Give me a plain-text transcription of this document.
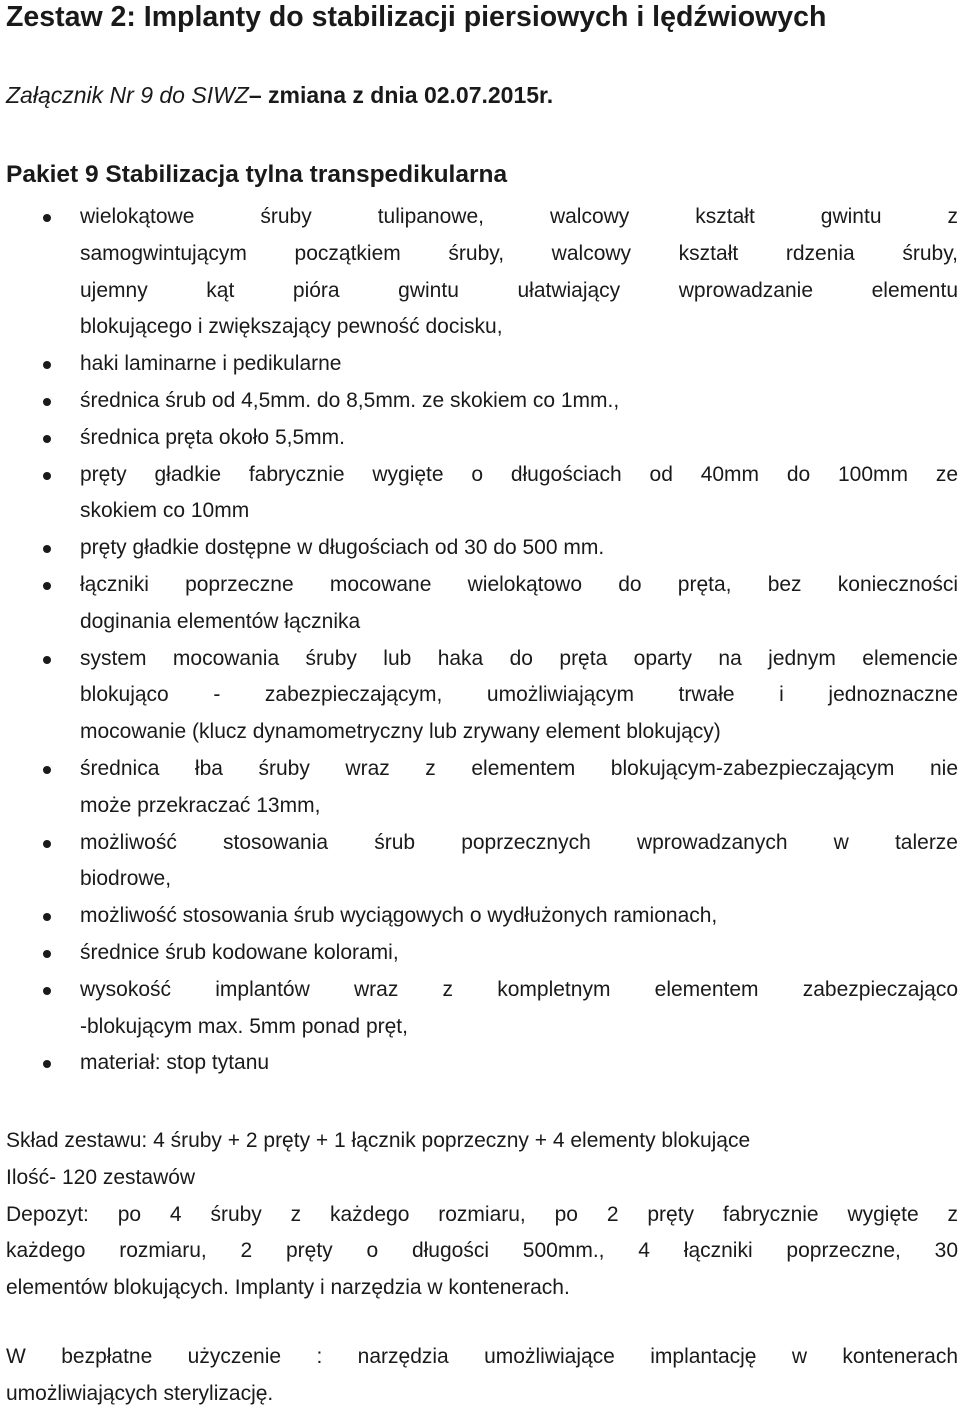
Zestaw 2: Implanty do stabilizacji piersiowych i lędźwiowych

Załącznik Nr 9 do SIWZ– zmiana z dnia 02.07.2015r.

Pakiet 9 Stabilizacja tylna transpedikularna
wielokątowe śruby tulipanowe, walcowy kształt gwintu z
samogwintującym początkiem śruby, walcowy kształt rdzenia śruby,
ujemny kąt pióra gwintu ułatwiający wprowadzanie elementu
blokującego i zwiększający pewność docisku,
haki laminarne i pedikularne
średnica śrub od 4,5mm. do 8,5mm. ze skokiem co 1mm.,
średnica pręta około 5,5mm.
pręty gładkie fabrycznie wygięte o długościach od 40mm do 100mm ze
skokiem co 10mm
pręty gładkie dostępne w długościach od 30 do 500 mm.
łączniki poprzeczne mocowane wielokątowo do pręta, bez konieczności
doginania elementów łącznika
system mocowania śruby lub haka do pręta oparty na jednym elemencie
blokująco - zabezpieczającym, umożliwiającym trwałe i jednoznaczne
mocowanie (klucz dynamometryczny lub zrywany element blokujący)
średnica łba śruby wraz z elementem blokującym-zabezpieczającym nie
może przekraczać 13mm,
możliwość stosowania śrub poprzecznych wprowadzanych w talerze
biodrowe,
możliwość stosowania śrub wyciągowych o wydłużonych ramionach,
średnice śrub kodowane kolorami,
wysokość implantów wraz z kompletnym elementem zabezpieczająco
-blokującym max. 5mm ponad pręt,
materiał: stop tytanu

Skład zestawu: 4 śruby + 2 pręty + 1 łącznik poprzeczny + 4 elementy blokujące

Ilość- 120 zestawów

Depozyt: po 4 śruby z każdego rozmiaru, po 2 pręty fabrycznie wygięte z
każdego rozmiaru, 2 pręty o długości 500mm., 4 łączniki poprzeczne, 30
elementów blokujących. Implanty i narzędzia w kontenerach.

W bezpłatne użyczenie : narzędzia umożliwiające implantację w kontenerach
umożliwiających sterylizację.
